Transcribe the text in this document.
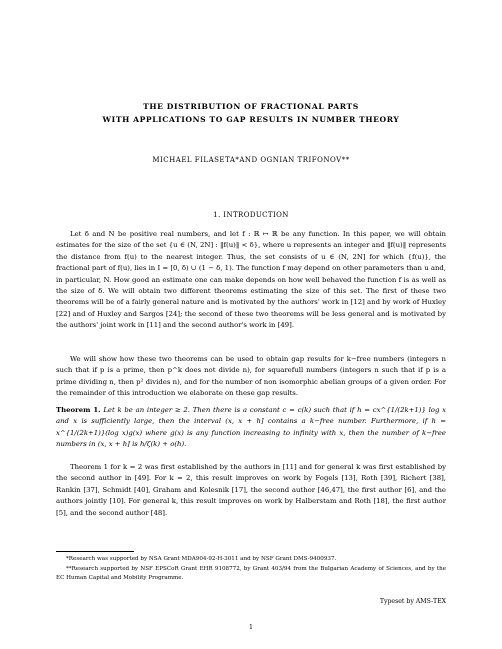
THE DISTRIBUTION OF FRACTIONAL PARTS
WITH APPLICATIONS TO GAP RESULTS IN NUMBER THEORY
MICHAEL FILASETA*AND OGNIAN TRIFONOV**
1. INTRODUCTION

Let δ and N be positive real numbers, and let f : ℝ ↦ ℝ be any function. In this paper, we will obtain estimates for the size of the set {u ∈ (N, 2N] : ‖f(u)‖ < δ}, where u represents an integer and ‖f(u)‖ represents the distance from f(u) to the nearest integer. Thus, the set consists of u ∈ (N, 2N] for which {f(u)}, the fractional part of f(u), lies in I = [0, δ) ∪ (1 − δ, 1). The function f may depend on other parameters than u and, in particular, N. How good an estimate one can make depends on how well behaved the function f is as well as the size of δ. We will obtain two different theorems estimating the size of this set. The first of these two theorems will be of a fairly general nature and is motivated by the authors' work in [12] and by work of Huxley [22] and of Huxley and Sargos [24]; the second of these two theorems will be less general and is motivated by the authors' joint work in [11] and the second author's work in [49].

We will show how these two theorems can be used to obtain gap results for k−free numbers (integers n such that if p is a prime, then p^k does not divide n), for squarefull numbers (integers n such that if p is a prime dividing n, then p² divides n), and for the number of non isomorphic abelian groups of a given order. For the remainder of this introduction we elaborate on these gap results.

Theorem 1. Let k be an integer ≥ 2. Then there is a constant c = c(k) such that if h = cx^{1/(2k+1)} log x and x is sufficiently large, then the interval (x, x + h] contains a k−free number. Furthermore, if h = x^{1/(2k+1)}(log x)g(x) where g(x) is any function increasing to infinity with x, then the number of k−free numbers in (x, x + h] is h/ζ(k) + o(h).

Theorem 1 for k = 2 was first established by the authors in [11] and for general k was first established by the second author in [49]. For k = 2, this result improves on work by Fogels [13], Roth [39], Richert [38], Rankin [37], Schmidt [40], Graham and Kolesnik [17], the second author [46,47], the first author [6], and the authors jointly [10]. For general k, this result improves on work by Halberstam and Roth [18], the first author [5], and the second author [48].

*Research was supported by NSA Grant MDA904-92-H-3011 and by NSF Grant DMS-9400937.

**Research supported by NSF EPSCoR Grant EHR 9108772, by Grant 403/94 from the Bulgarian Academy of Sciences, and by the EC Human Capital and Mobility Programme.

Typeset by AMS-TEX
1
